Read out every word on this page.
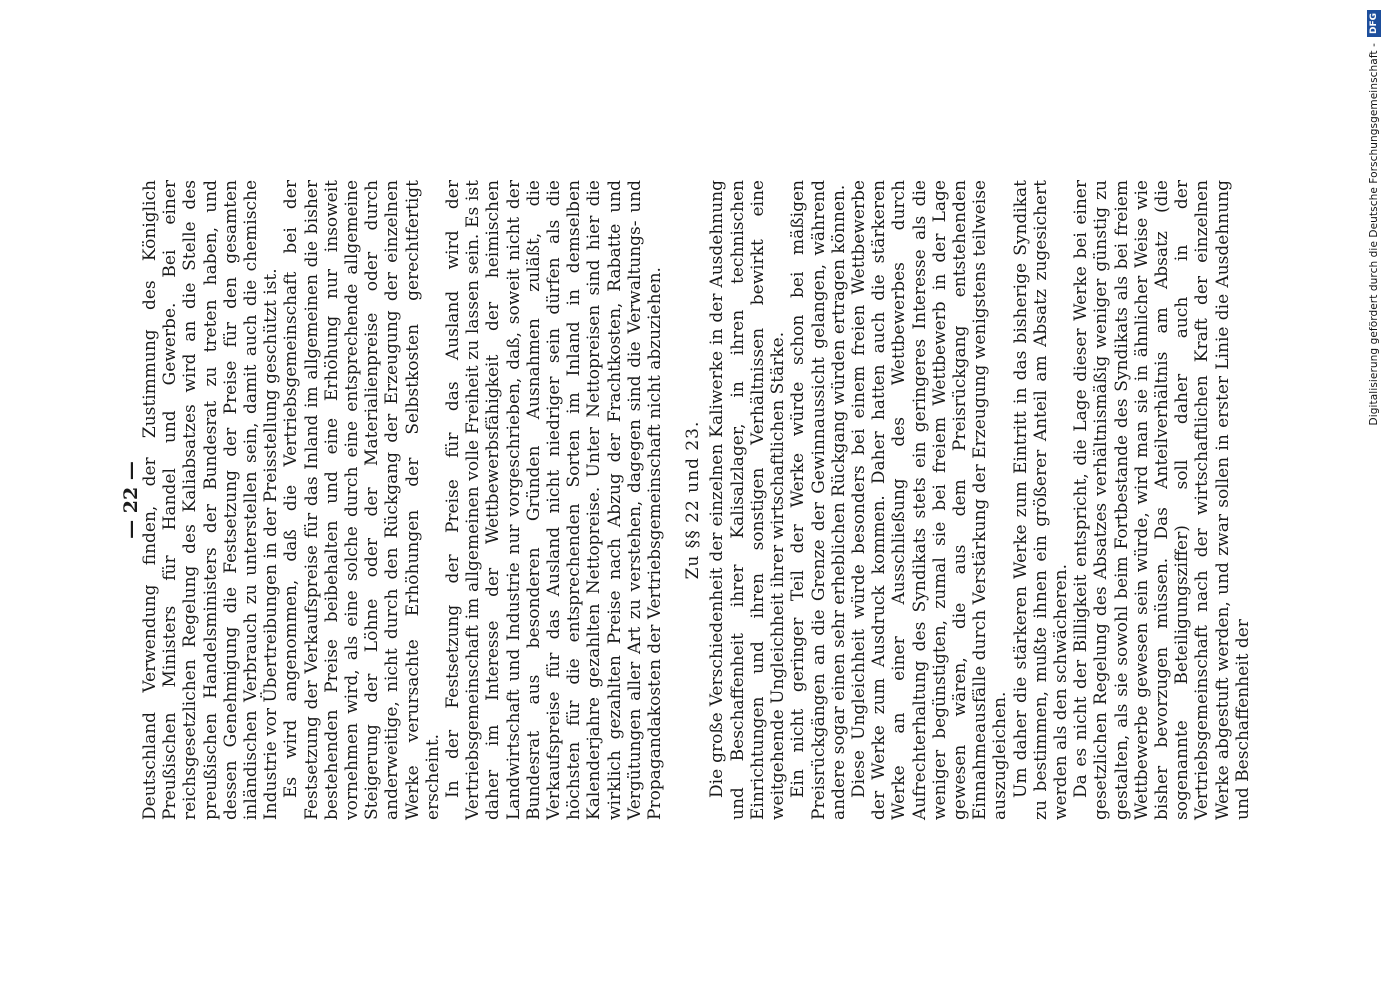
— 22 —

Deutschland Verwendung finden, der Zustimmung des Königlich Preußischen Ministers für Handel und Gewerbe. Bei einer reichsgesetzlichen Regelung des Kaliabsatzes wird an die Stelle des preußischen Handelsministers der Bundesrat zu treten haben, und dessen Genehmigung die Festsetzung der Preise für den gesamten inländischen Verbrauch zu unterstellen sein, damit auch die chemische Industrie vor Übertreibungen in der Preisstellung geschützt ist. Es wird angenommen, daß die Vertriebsgemeinschaft bei der Festsetzung der Verkaufspreise für das Inland im allgemeinen die bisher bestehenden Preise beibehalten und eine Erhöhung nur insoweit vornehmen wird, als eine solche durch eine entsprechende allgemeine Steigerung der Löhne oder der Materialienpreise oder durch anderweitige, nicht durch den Rückgang der Erzeugung der einzelnen Werke verursachte Erhöhungen der Selbstkosten gerechtfertigt erscheint. In der Festsetzung der Preise für das Ausland wird der Vertriebsgemeinschaft im allgemeinen volle Freiheit zu lassen sein. Es ist daher im Interesse der Wettbewerbsfähigkeit der heimischen Landwirtschaft und Industrie nur vorgeschrieben, daß, soweit nicht der Bundesrat aus besonderen Gründen Ausnahmen zuläßt, die Verkaufspreise für das Ausland nicht niedriger sein dürfen als die höchsten für die entsprechenden Sorten im Inland in demselben Kalenderjahre gezahlten Nettopreise. Unter Nettopreisen sind hier die wirklich gezahlten Preise nach Abzug der Frachtkosten, Rabatte und Vergütungen aller Art zu verstehen, dagegen sind die Verwaltungs- und Propagandakosten der Vertriebsgemeinschaft nicht abzuziehen. Zu §§ 22 und 23. Die große Verschiedenheit der einzelnen Kaliwerke in der Ausdehnung und Beschaffenheit ihrer Kalisalzlager, in ihren technischen Einrichtungen und ihren sonstigen Verhältnissen bewirkt eine weitgehende Ungleichheit ihrer wirtschaftlichen Stärke. Ein nicht geringer Teil der Werke würde schon bei mäßigen Preisrückgängen an die Grenze der Gewinnaussicht gelangen, während andere sogar einen sehr erheblichen Rückgang würden ertragen können. Diese Ungleichheit würde besonders bei einem freien Wettbewerbe der Werke zum Ausdruck kommen. Daher hatten auch die stärkeren Werke an einer Ausschließung des Wettbewerbes durch Aufrechterhaltung des Syndikats stets ein geringeres Interesse als die weniger begünstigten, zumal sie bei freiem Wettbewerb in der Lage gewesen wären, die aus dem Preisrückgang entstehenden Einnahmeausfälle durch Verstärkung der Erzeugung wenigstens teilweise auszugleichen. Um daher die stärkeren Werke zum Eintritt in das bisherige Syndikat zu bestimmen, mußte ihnen ein größerer Anteil am Absatz zugesichert werden als den schwächeren. Da es nicht der Billigkeit entspricht, die Lage dieser Werke bei einer gesetzlichen Regelung des Absatzes verhältnismäßig weniger günstig zu gestalten, als sie sowohl beim Fortbestande des Syndikats als bei freiem Wettbewerbe gewesen sein würde, wird man sie in ähnlicher Weise wie bisher bevorzugen müssen. Das Anteilverhältnis am Absatz (die sogenannte Beteiligungsziffer) soll daher auch in der Vertriebsgemeinschaft nach der wirtschaftlichen Kraft der einzelnen Werke abgestuft werden, und zwar sollen in erster Linie die Ausdehnung und Beschaffenheit der

Digitalisierung gefördert durch die Deutsche Forschungsgemeinschaft -
DFG
